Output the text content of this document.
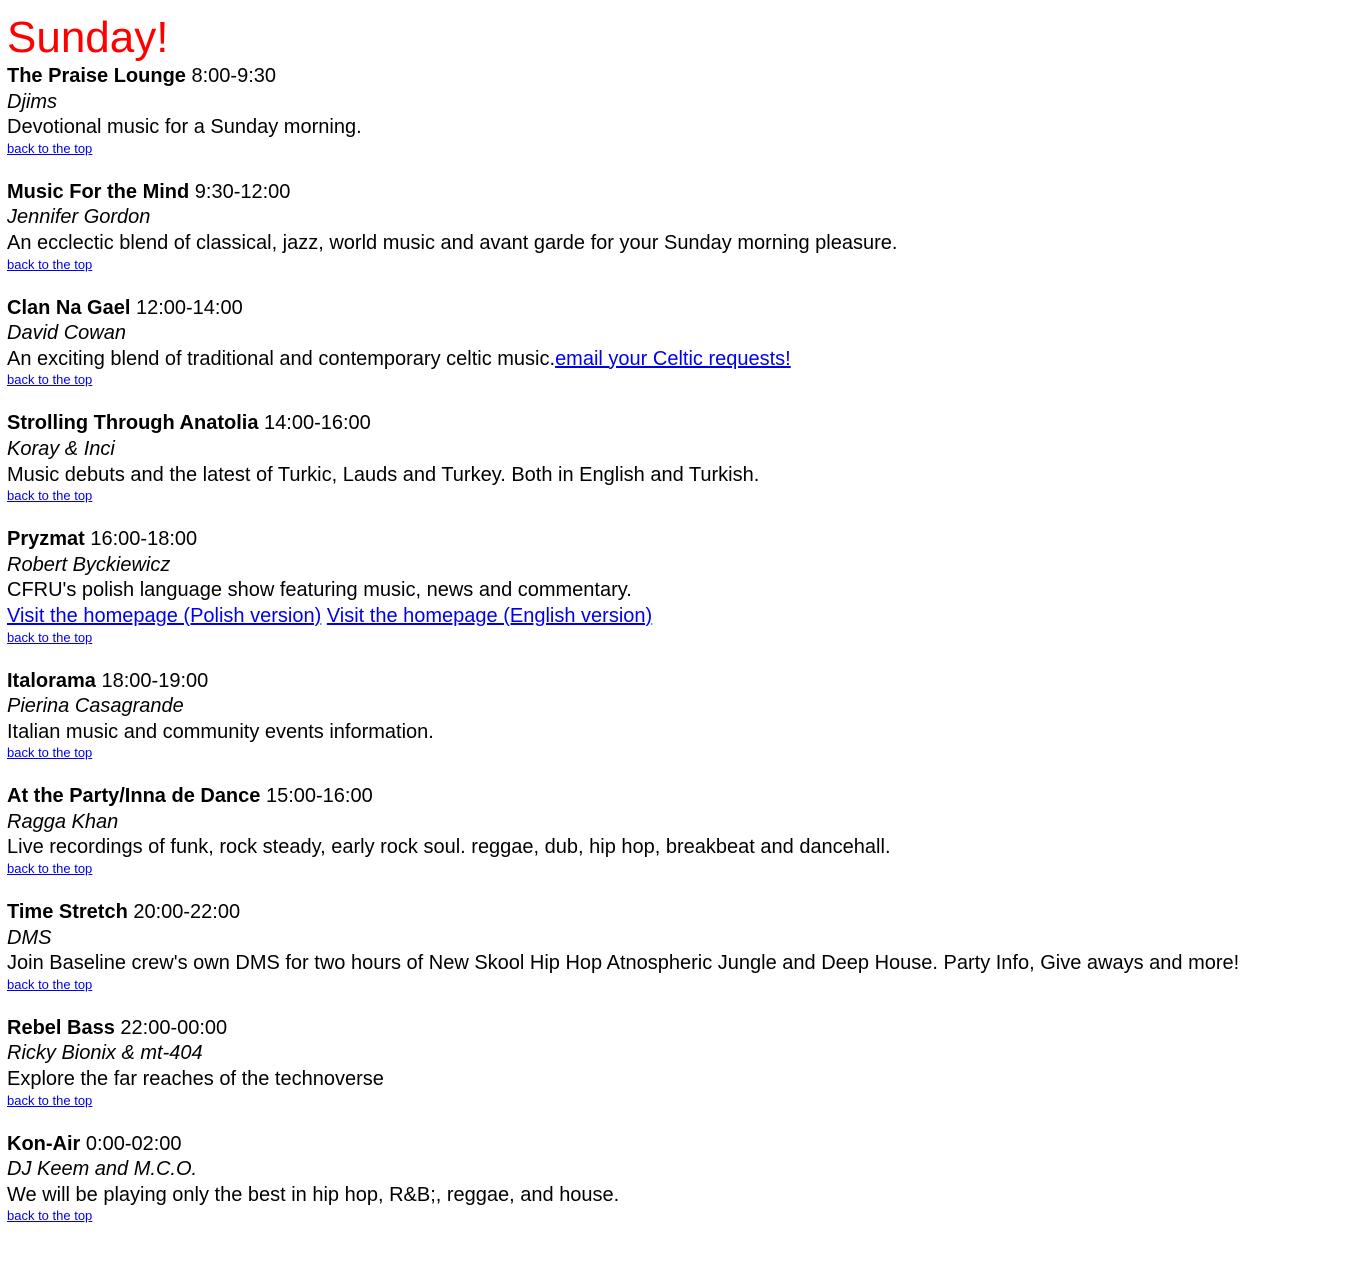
Sunday!
The Praise Lounge 8:00-9:30
Djims
Devotional music for a Sunday morning.
back to the top
Music For the Mind 9:30-12:00
Jennifer Gordon
An ecclectic blend of classical, jazz, world music and avant garde for your Sunday morning pleasure.
back to the top
Clan Na Gael 12:00-14:00
David Cowan
An exciting blend of traditional and contemporary celtic music.email your Celtic requests!
back to the top
Strolling Through Anatolia 14:00-16:00
Koray & Inci
Music debuts and the latest of Turkic, Lauds and Turkey. Both in English and Turkish.
back to the top
Pryzmat 16:00-18:00
Robert Byckiewicz
CFRU's polish language show featuring music, news and commentary.
Visit the homepage (Polish version) Visit the homepage (English version)
back to the top
Italorama 18:00-19:00
Pierina Casagrande
Italian music and community events information.
back to the top
At the Party/Inna de Dance 15:00-16:00
Ragga Khan
Live recordings of funk, rock steady, early rock soul. reggae, dub, hip hop, breakbeat and dancehall.
back to the top
Time Stretch 20:00-22:00
DMS
Join Baseline crew's own DMS for two hours of New Skool Hip Hop Atnospheric Jungle and Deep House. Party Info, Give aways and more!
back to the top
Rebel Bass 22:00-00:00
Ricky Bionix & mt-404
Explore the far reaches of the technoverse
back to the top
Kon-Air 0:00-02:00
DJ Keem and M.C.O.
We will be playing only the best in hip hop, R&B;, reggae, and house.
back to the top
